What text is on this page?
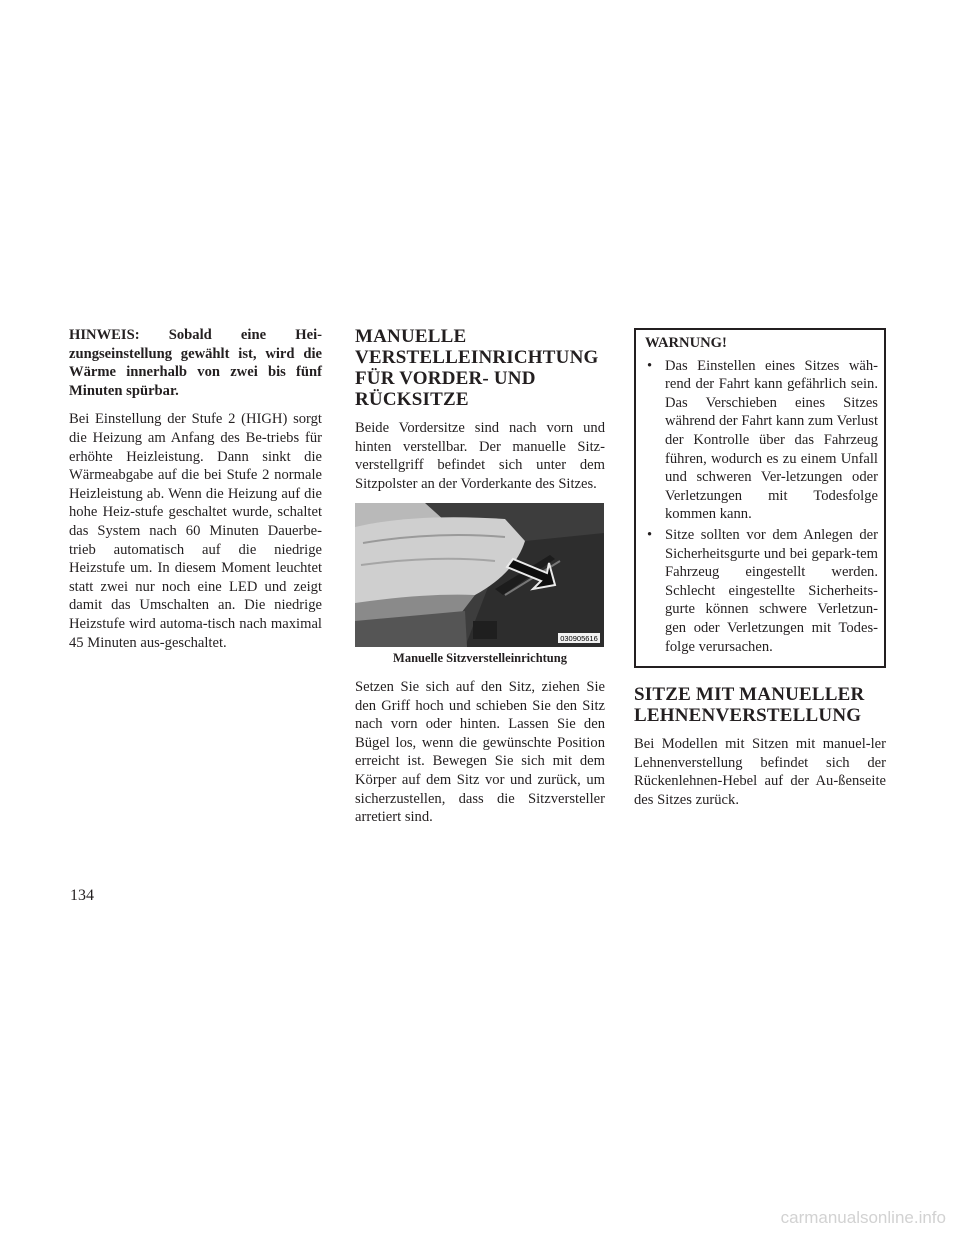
HINWEIS: Sobald eine Hei-zungseinstellung gewählt ist, wird die Wärme innerhalb von zwei bis fünf Minuten spürbar.

Bei Einstellung der Stufe 2 (HIGH) sorgt die Heizung am Anfang des Be-triebs für erhöhte Heizleistung. Dann sinkt die Wärmeabgabe auf die bei Stufe 2 normale Heizleistung ab. Wenn die Heizung auf die hohe Heiz-stufe geschaltet wurde, schaltet das System nach 60 Minuten Dauerbe-trieb automatisch auf die niedrige Heizstufe um. In diesem Moment leuchtet statt zwei nur noch eine LED und zeigt damit das Umschalten an. Die niedrige Heizstufe wird automa-tisch nach maximal 45 Minuten aus-geschaltet.

MANUELLE VERSTELLEINRICHTUNG FÜR VORDER- UND RÜCKSITZE

Beide Vordersitze sind nach vorn und hinten verstellbar. Der manuelle Sitz-verstellgriff befindet sich unter dem Sitzpolster an der Vorderkante des Sitzes.

030905616
Manuelle Sitzverstelleinrichtung

Setzen Sie sich auf den Sitz, ziehen Sie den Griff hoch und schieben Sie den Sitz nach vorn oder hinten. Lassen Sie den Bügel los, wenn die gewünschte Position erreicht ist. Bewegen Sie sich mit dem Körper auf dem Sitz vor und zurück, um sicherzustellen, dass die Sitzversteller arretiert sind.

WARNUNG!
• Das Einstellen eines Sitzes wäh-rend der Fahrt kann gefährlich sein. Das Verschieben eines Sitzes während der Fahrt kann zum Verlust der Kontrolle über das Fahrzeug führen, wodurch es zu einem Unfall und schweren Ver-letzungen oder Verletzungen mit Todesfolge kommen kann.
• Sitze sollten vor dem Anlegen der Sicherheitsgurte und bei gepark-tem Fahrzeug eingestellt werden. Schlecht eingestellte Sicherheits-gurte können schwere Verletzun-gen oder Verletzungen mit Todes-folge verursachen.
SITZE MIT MANUELLER LEHNENVERSTELLUNG

Bei Modellen mit Sitzen mit manuel-ler Lehnenverstellung befindet sich der Rückenlehnen-Hebel auf der Au-ßenseite des Sitzes zurück.

134
carmanualsonline.info
